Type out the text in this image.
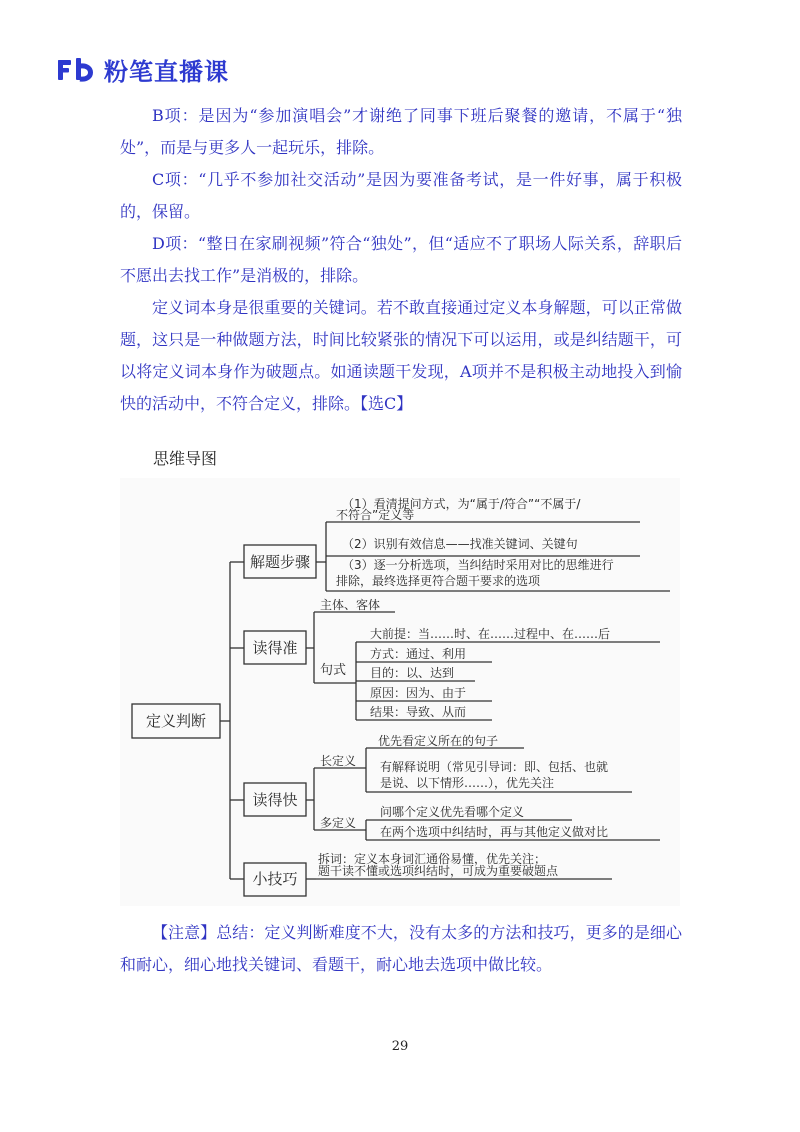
粉笔直播课

B项：是因为“参加演唱会”才谢绝了同事下班后聚餐的邀请，不属于“独处”，而是与更多人一起玩乐，排除。

C项：“几乎不参加社交活动”是因为要准备考试，是一件好事，属于积极的，保留。

D项：“整日在家刷视频”符合“独处”，但“适应不了职场人际关系，辞职后不愿出去找工作”是消极的，排除。

定义词本身是很重要的关键词。若不敢直接通过定义本身解题，可以正常做题，这只是一种做题方法，时间比较紧张的情况下可以运用，或是纠结题干，可以将定义词本身作为破题点。如通读题干发现，A项并不是积极主动地投入到愉快的活动中，不符合定义，排除。【选C】

思维导图
定义判断
解题步骤
读得准
读得快
小技巧
（1）看清提问方式，为“属于/符合”“不属于/
不符合”定义等
（2）识别有效信息——找准关键词、关键句
（3）逐一分析选项，当纠结时采用对比的思维进行
排除，最终选择更符合题干要求的选项
主体、客体
句式
大前提：当……时、在……过程中、在……后
方式：通过、利用
目的：以、达到
原因：因为、由于
结果：导致、从而
长定义
优先看定义所在的句子
有解释说明（常见引导词：即、包括、也就
是说、以下情形……），优先关注
多定义
问哪个定义优先看哪个定义
在两个选项中纠结时，再与其他定义做对比
拆词：定义本身词汇通俗易懂，优先关注；
题干读不懂或选项纠结时，可成为重要破题点

【注意】总结：定义判断难度不大，没有太多的方法和技巧，更多的是细心和耐心，细心地找关键词、看题干，耐心地去选项中做比较。

29
